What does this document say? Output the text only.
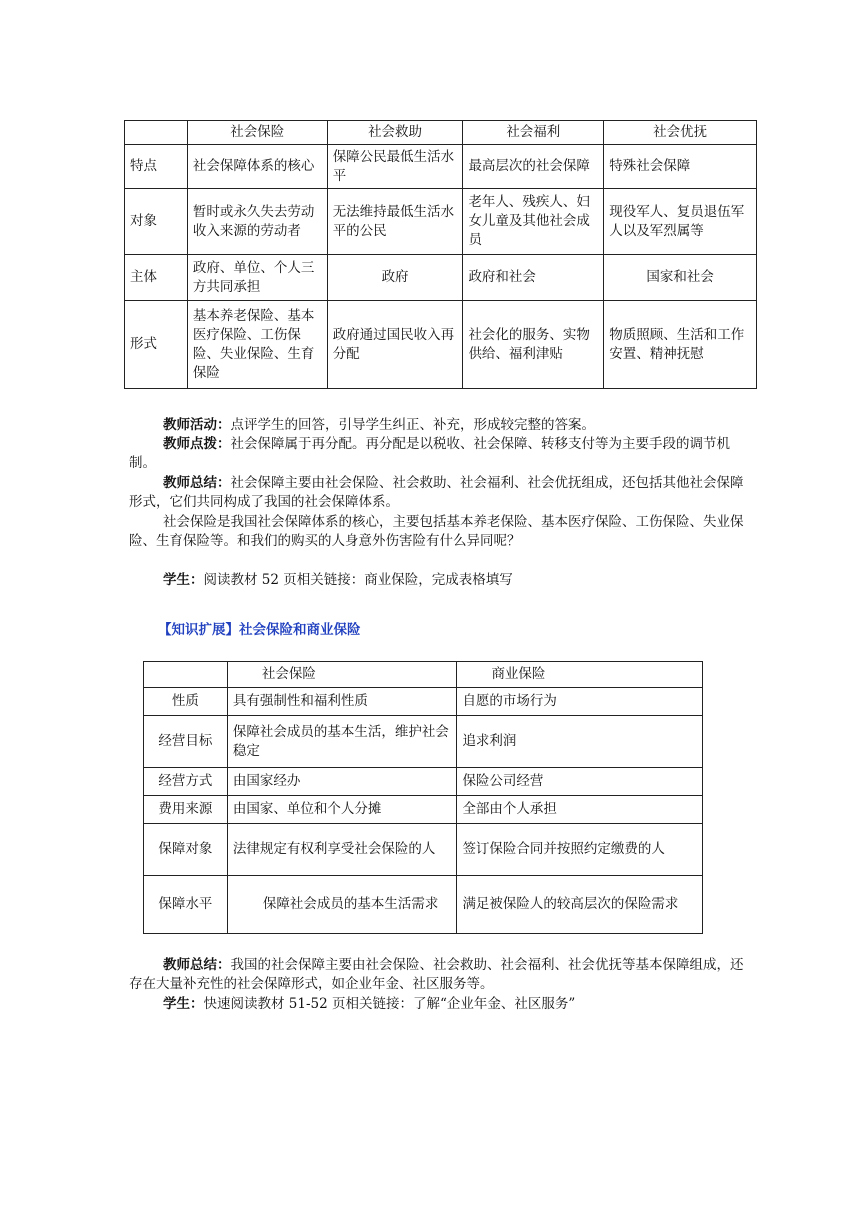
	社会保险	社会救助	社会福利	社会优抚
特点	社会保障体系的核心	保障公民最低生活水平	最高层次的社会保障	特殊社会保障
对象	暂时或永久失去劳动收入来源的劳动者	无法维持最低生活水平的公民	老年人、残疾人、妇女儿童及其他社会成员	现役军人、复员退伍军人以及军烈属等
主体	政府、单位、个人三方共同承担	政府	政府和社会	国家和社会
形式	基本养老保险、基本医疗保险、工伤保险、失业保险、生育保险	政府通过国民收入再分配	社会化的服务、实物供给、福利津贴	物质照顾、生活和工作安置、精神抚慰

教师活动：点评学生的回答，引导学生纠正、补充，形成较完整的答案。

教师点拨：社会保障属于再分配。再分配是以税收、社会保障、转移支付等为主要手段的调节机制。

教师总结：社会保障主要由社会保险、社会救助、社会福利、社会优抚组成，还包括其他社会保障形式，它们共同构成了我国的社会保障体系。

社会保险是我国社会保障体系的核心，主要包括基本养老保险、基本医疗保险、工伤保险、失业保险、生育保险等。和我们的购买的人身意外伤害险有什么异同呢？

学生：阅读教材 52 页相关链接：商业保险，完成表格填写

【知识扩展】社会保险和商业保险
	社会保险	商业保险
性质	具有强制性和福利性质	自愿的市场行为
经营目标	保障社会成员的基本生活，维护社会稳定	追求利润
经营方式	由国家经办	保险公司经营
费用来源	由国家、单位和个人分摊	全部由个人承担
保障对象	法律规定有权利享受社会保险的人	签订保险合同并按照约定缴费的人
保障水平	保障社会成员的基本生活需求	满足被保险人的较高层次的保险需求

教师总结：我国的社会保障主要由社会保险、社会救助、社会福利、社会优抚等基本保障组成，还存在大量补充性的社会保障形式，如企业年金、社区服务等。

学生：快速阅读教材 51-52 页相关链接：了解“企业年金、社区服务”
